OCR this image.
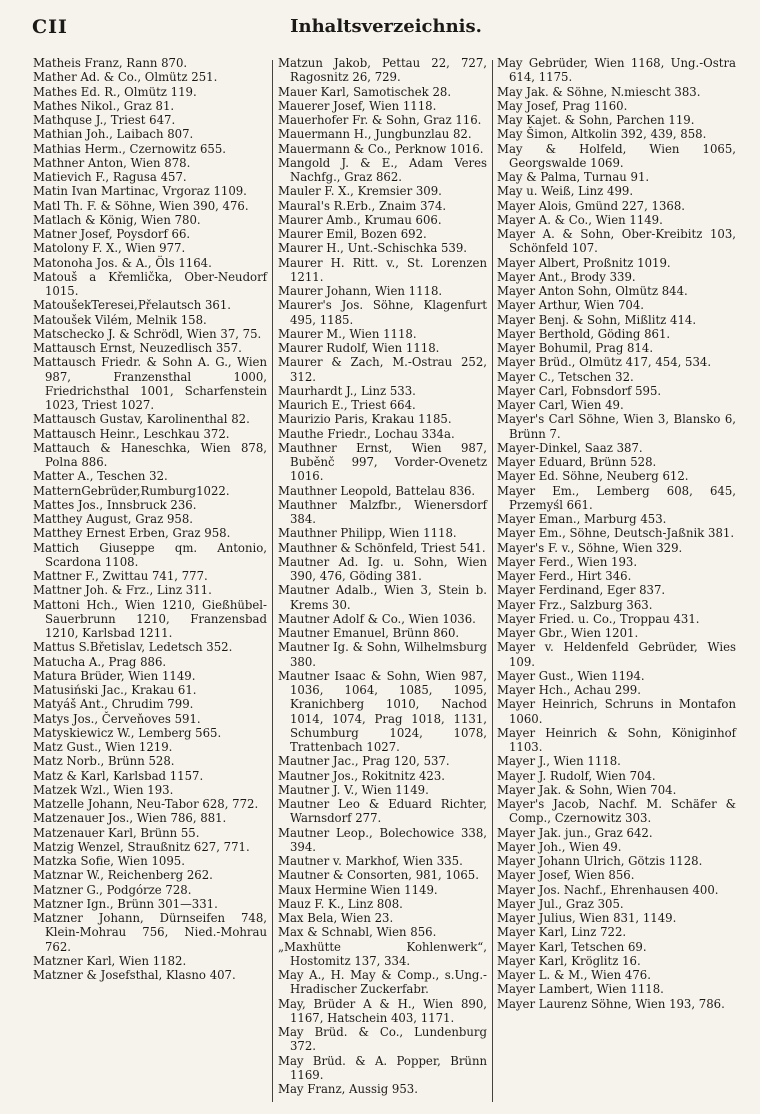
CII	Inhaltsverzeichnis.

Matheis Franz, Rann 870.

Mather Ad. & Co., Olmütz 251.

Mathes Ed. R., Olmütz 119.

Mathes Nikol., Graz 81.

Mathquse J., Triest 647.

Mathian Joh., Laibach 807.

Mathias Herm., Czernowitz 655.

Mathner Anton, Wien 878.

Matievich F., Ragusa 457.

Matin Ivan Martinac, Vrgoraz 1109.

Matl Th. F. & Söhne, Wien 390, 476.

Matlach & König, Wien 780.

Matner Josef, Poysdorf 66.

Matolony F. X., Wien 977.

Matonoha Jos. & A., Öls 1164.

Matouš a Křemlička, Ober-Neudorf 1015.

MatoušekTeresei,Přelautsch 361.

Matoušek Vilém, Melnik 158.

Matschecko J. & Schrödl, Wien 37, 75.

Mattausch Ernst, Neuzedlisch 357.

Mattausch Friedr. & Sohn A. G., Wien 987, Franzensthal 1000, Friedrichsthal 1001, Scharfenstein 1023, Triest 1027.

Mattausch Gustav, Karolinenthal 82.

Mattausch Heinr., Leschkau 372.

Mattauch & Haneschka, Wien 878, Polna 886.

Matter A., Teschen 32.

MatternGebrüder,Rumburg1022.

Mattes Jos., Innsbruck 236.

Matthey August, Graz 958.

Matthey Ernest Erben, Graz 958.

Mattich Giuseppe qm. Antonio, Scardona 1108.

Mattner F., Zwittau 741, 777.

Mattner Joh. & Frz., Linz 311.

Mattoni Hch., Wien 1210, Gießhübel-Sauerbrunn 1210, Franzensbad 1210, Karlsbad 1211.

Mattus S.Břetislav, Ledetsch 352.

Matucha A., Prag 886.

Matura Brüder, Wien 1149.

Matusiński Jac., Krakau 61.

Matyáš Ant., Chrudim 799.

Matys Jos., Červeňoves 591.

Matyskiewicz W., Lemberg 565.

Matz Gust., Wien 1219.

Matz Norb., Brünn 528.

Matz & Karl, Karlsbad 1157.

Matzek Wzl., Wien 193.

Matzelle Johann, Neu-Tabor 628, 772.

Matzenauer Jos., Wien 786, 881.

Matzenauer Karl, Brünn 55.

Matzig Wenzel, Straußnitz 627, 771.

Matzka Sofie, Wien 1095.

Matznar W., Reichenberg 262.

Matzner G., Podgórze 728.

Matzner Ign., Brünn 301—331.

Matzner Johann, Dürnseifen 748, Klein-Mohrau 756, Nied.-Mohrau 762.

Matzner Karl, Wien 1182.

Matzner & Josefsthal, Klasno 407.

Matzun Jakob, Pettau 22, 727, Ragosnitz 26, 729.

Mauer Karl, Samotischek 28.

Mauerer Josef, Wien 1118.

Mauerhofer Fr. & Sohn, Graz 116.

Mauermann H., Jungbunzlau 82.

Mauermann & Co., Perknow 1016.

Mangold J. & E., Adam Veres Nachfg., Graz 862.

Mauler F. X., Kremsier 309.

Maural's R.Erb., Znaim 374.

Maurer Amb., Krumau 606.

Maurer Emil, Bozen 692.

Maurer H., Unt.-Schischka 539.

Maurer H. Ritt. v., St. Lorenzen 1211.

Maurer Johann, Wien 1118.

Maurer's Jos. Söhne, Klagenfurt 495, 1185.

Maurer M., Wien 1118.

Maurer Rudolf, Wien 1118.

Maurer & Zach, M.-Ostrau 252, 312.

Maurhardt J., Linz 533.

Maurich E., Triest 664.

Maurizio Paris, Krakau 1185.

Mauthe Friedr., Lochau 334a.

Mauthner Ernst, Wien 987, Buběnč 997, Vorder-Ovenetz 1016.

Mauthner Leopold, Battelau 836.

Mauthner Malzfbr., Wienersdorf 384.

Mauthner Philipp, Wien 1118.

Mauthner & Schönfeld, Triest 541.

Mautner Ad. Ig. u. Sohn, Wien 390, 476, Göding 381.

Mautner Adalb., Wien 3, Stein b. Krems 30.

Mautner Adolf & Co., Wien 1036.

Mautner Emanuel, Brünn 860.

Mautner Ig. & Sohn, Wilhelmsburg 380.

Mautner Isaac & Sohn, Wien 987, 1036, 1064, 1085, 1095, Kranichberg 1010, Nachod 1014, 1074, Prag 1018, 1131, Schumburg 1024, 1078, Trattenbach 1027.

Mautner Jac., Prag 120, 537.

Mautner Jos., Rokitnitz 423.

Mautner J. V., Wien 1149.

Mautner Leo & Eduard Richter, Warnsdorf 277.

Mautner Leop., Bolechowice 338, 394.

Mautner v. Markhof, Wien 335.

Mautner & Consorten, 981, 1065.

Maux Hermine Wien 1149.

Mauz F. K., Linz 808.

Max Bela, Wien 23.

Max & Schnabl, Wien 856.

„Maxhütte Kohlenwerk“, Hostomitz 137, 334.

May A., H. May & Comp., s.Ung.-Hradischer Zuckerfabr.

May, Brüder A & H., Wien 890, 1167, Hatschein 403, 1171.

May Brüd. & Co., Lundenburg 372.

May Brüd. & A. Popper, Brünn 1169.

May Franz, Aussig 953.

May Gebrüder, Wien 1168, Ung.-Ostra 614, 1175.

May Jak. & Söhne, N.miescht 383.

May Josef, Prag 1160.

May Kajet. & Sohn, Parchen 119.

May Šimon, Altkolin 392, 439, 858.

May & Holfeld, Wien 1065, Georgswalde 1069.

May & Palma, Turnau 91.

May u. Weiß, Linz 499.

Mayer Alois, Gmünd 227, 1368.

Mayer A. & Co., Wien 1149.

Mayer A. & Sohn, Ober-Kreibitz 103, Schönfeld 107.

Mayer Albert, Proßnitz 1019.

Mayer Ant., Brody 339.

Mayer Anton Sohn, Olmütz 844.

Mayer Arthur, Wien 704.

Mayer Benj. & Sohn, Mißlitz 414.

Mayer Berthold, Göding 861.

Mayer Bohumil, Prag 814.

Mayer Brüd., Olmütz 417, 454, 534.

Mayer C., Tetschen 32.

Mayer Carl, Fobnsdorf 595.

Mayer Carl, Wien 49.

Mayer's Carl Söhne, Wien 3, Blansko 6, Brünn 7.

Mayer-Dinkel, Saaz 387.

Mayer Eduard, Brünn 528.

Mayer Ed. Söhne, Neuberg 612.

Mayer Em., Lemberg 608, 645, Przemyśl 661.

Mayer Eman., Marburg 453.

Mayer Em., Söhne, Deutsch-Jaßnik 381.

Mayer's F. v., Söhne, Wien 329.

Mayer Ferd., Wien 193.

Mayer Ferd., Hirt 346.

Mayer Ferdinand, Eger 837.

Mayer Frz., Salzburg 363.

Mayer Fried. u. Co., Troppau 431.

Mayer Gbr., Wien 1201.

Mayer v. Heldenfeld Gebrüder, Wies 109.

Mayer Gust., Wien 1194.

Mayer Hch., Achau 299.

Mayer Heinrich, Schruns in Montafon 1060.

Mayer Heinrich & Sohn, Königinhof 1103.

Mayer J., Wien 1118.

Mayer J. Rudolf, Wien 704.

Mayer Jak. & Sohn, Wien 704.

Mayer's Jacob, Nachf. M. Schäfer & Comp., Czernowitz 303.

Mayer Jak. jun., Graz 642.

Mayer Joh., Wien 49.

Mayer Johann Ulrich, Götzis 1128.

Mayer Josef, Wien 856.

Mayer Jos. Nachf., Ehrenhausen 400.

Mayer Jul., Graz 305.

Mayer Julius, Wien 831, 1149.

Mayer Karl, Linz 722.

Mayer Karl, Tetschen 69.

Mayer Karl, Kröglitz 16.

Mayer L. & M., Wien 476.

Mayer Lambert, Wien 1118.

Mayer Laurenz Söhne, Wien 193, 786.
